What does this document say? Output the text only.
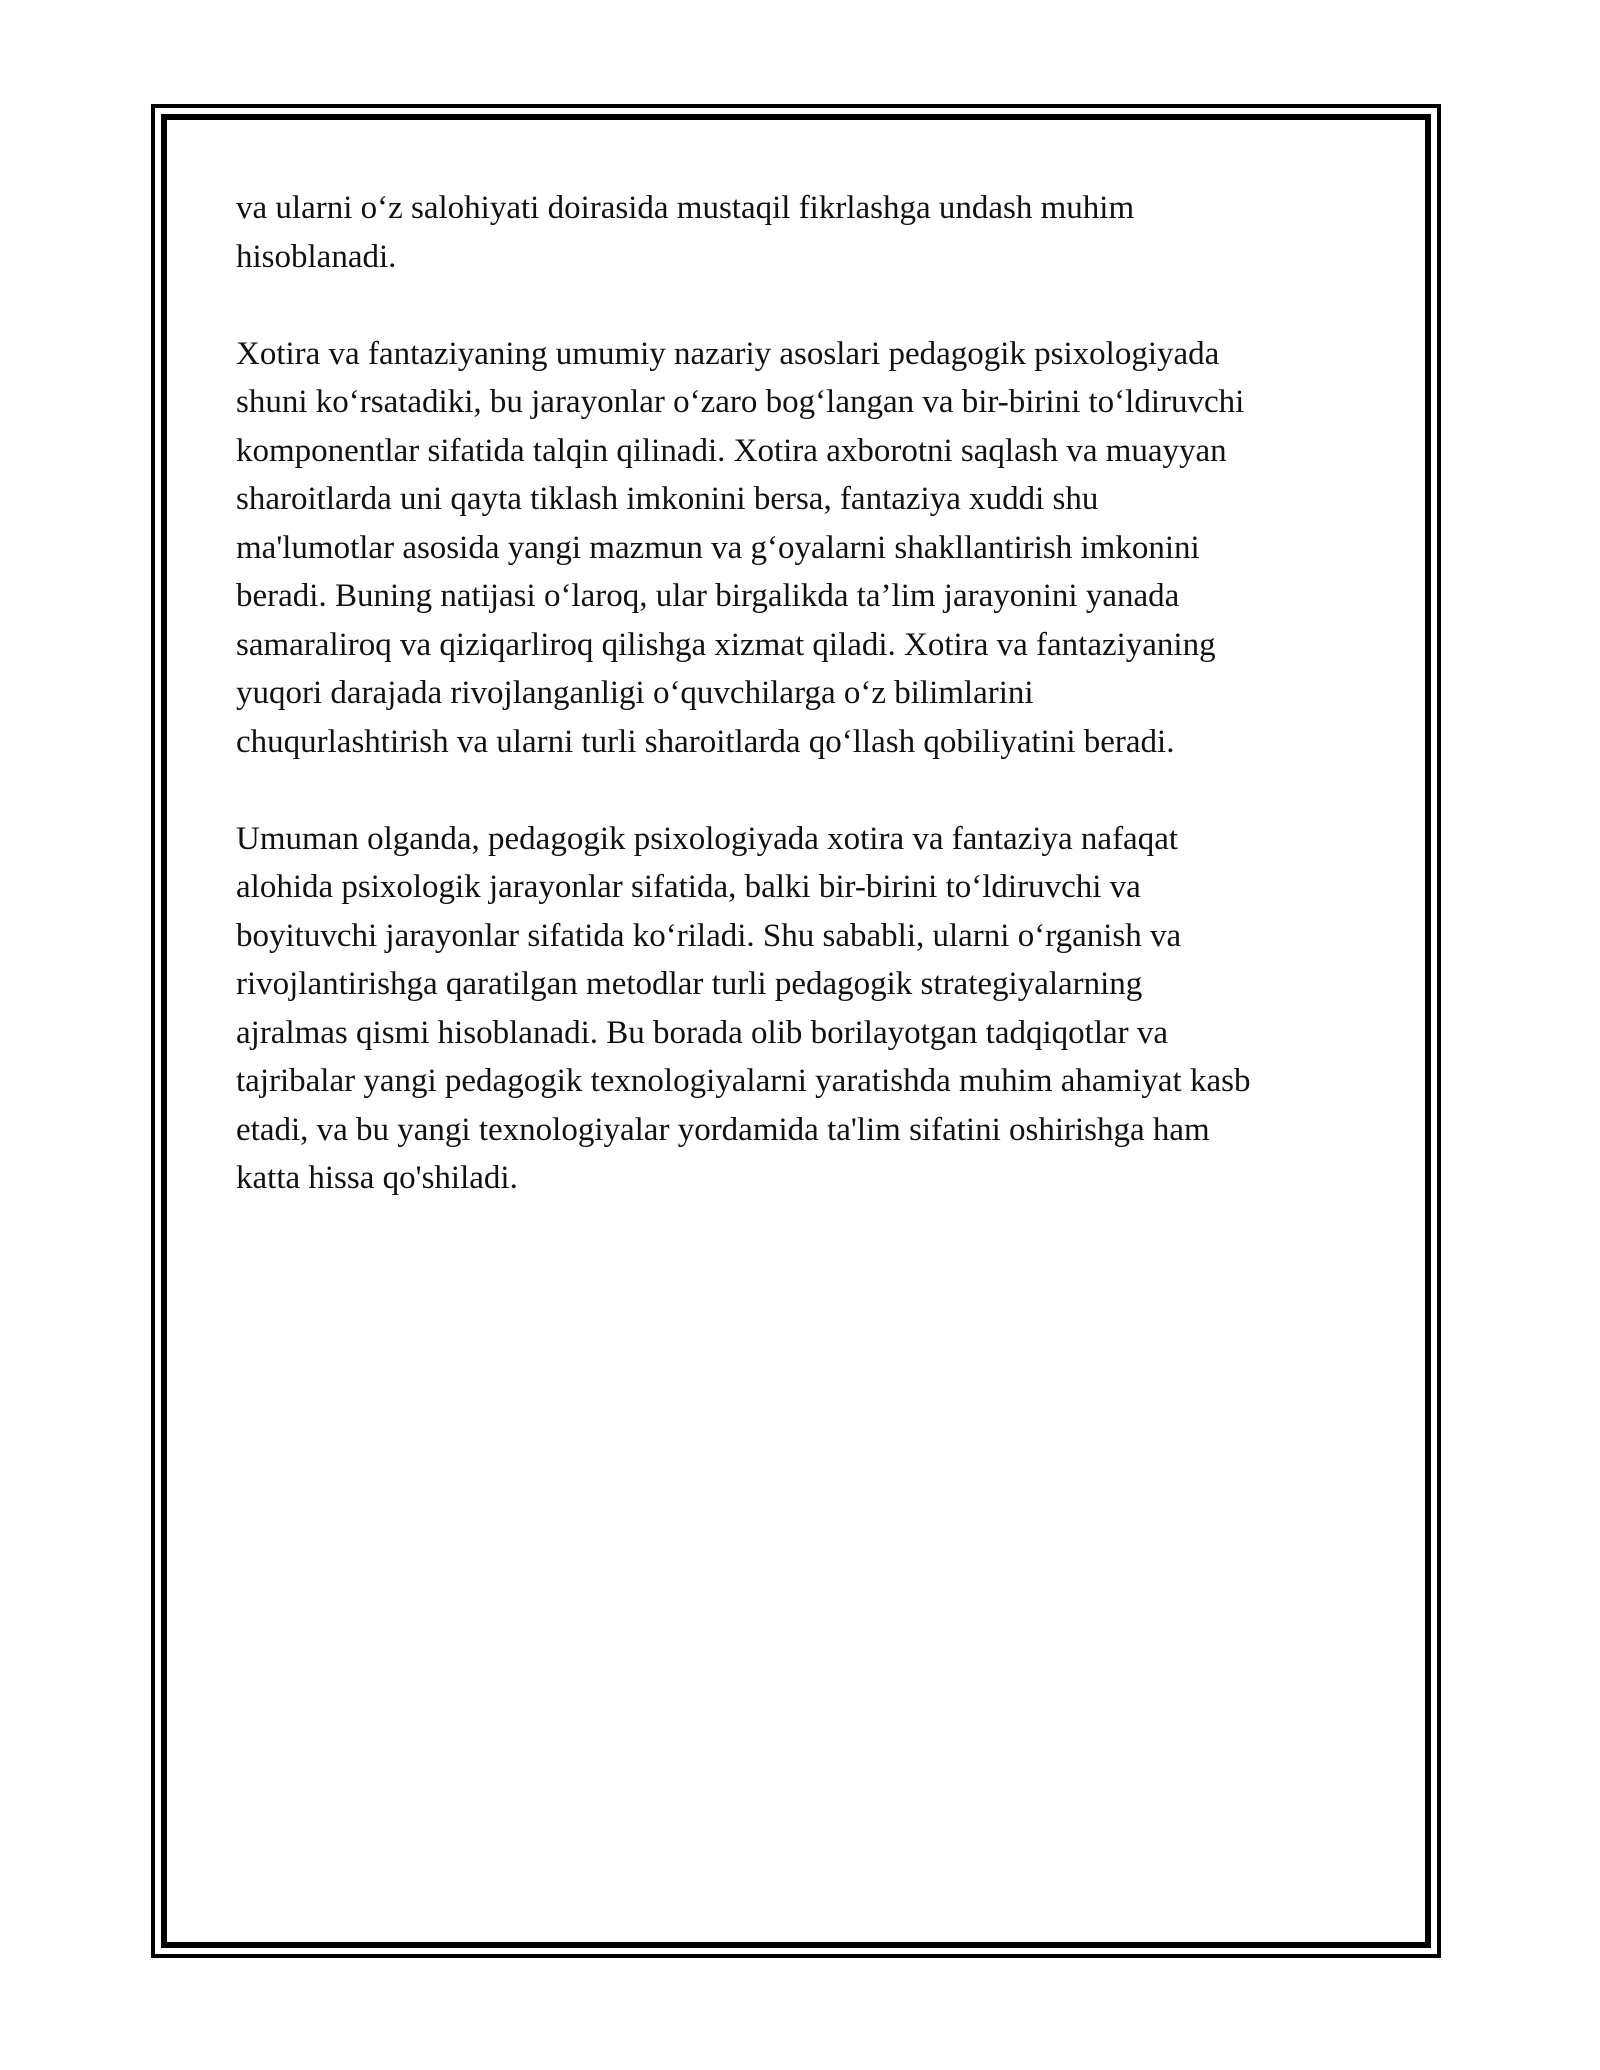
va ularni o‘z salohiyati doirasida mustaqil fikrlashga undash muhim
hisoblanadi.

Xotira va fantaziyaning umumiy nazariy asoslari pedagogik psixologiyada
shuni ko‘rsatadiki, bu jarayonlar o‘zaro bog‘langan va bir-birini to‘ldiruvchi
komponentlar sifatida talqin qilinadi. Xotira axborotni saqlash va muayyan
sharoitlarda uni qayta tiklash imkonini bersa, fantaziya xuddi shu
ma'lumotlar asosida yangi mazmun va g‘oyalarni shakllantirish imkonini
beradi. Buning natijasi o‘laroq, ular birgalikda ta’lim jarayonini yanada
samaraliroq va qiziqarliroq qilishga xizmat qiladi. Xotira va fantaziyaning
yuqori darajada rivojlanganligi o‘quvchilarga o‘z bilimlarini
chuqurlashtirish va ularni turli sharoitlarda qo‘llash qobiliyatini beradi.

Umuman olganda, pedagogik psixologiyada xotira va fantaziya nafaqat
alohida psixologik jarayonlar sifatida, balki bir-birini to‘ldiruvchi va
boyituvchi jarayonlar sifatida ko‘riladi. Shu sababli, ularni o‘rganish va
rivojlantirishga qaratilgan metodlar turli pedagogik strategiyalarning
ajralmas qismi hisoblanadi. Bu borada olib borilayotgan tadqiqotlar va
tajribalar yangi pedagogik texnologiyalarni yaratishda muhim ahamiyat kasb
etadi, va bu yangi texnologiyalar yordamida ta'lim sifatini oshirishga ham
katta hissa qo'shiladi.
